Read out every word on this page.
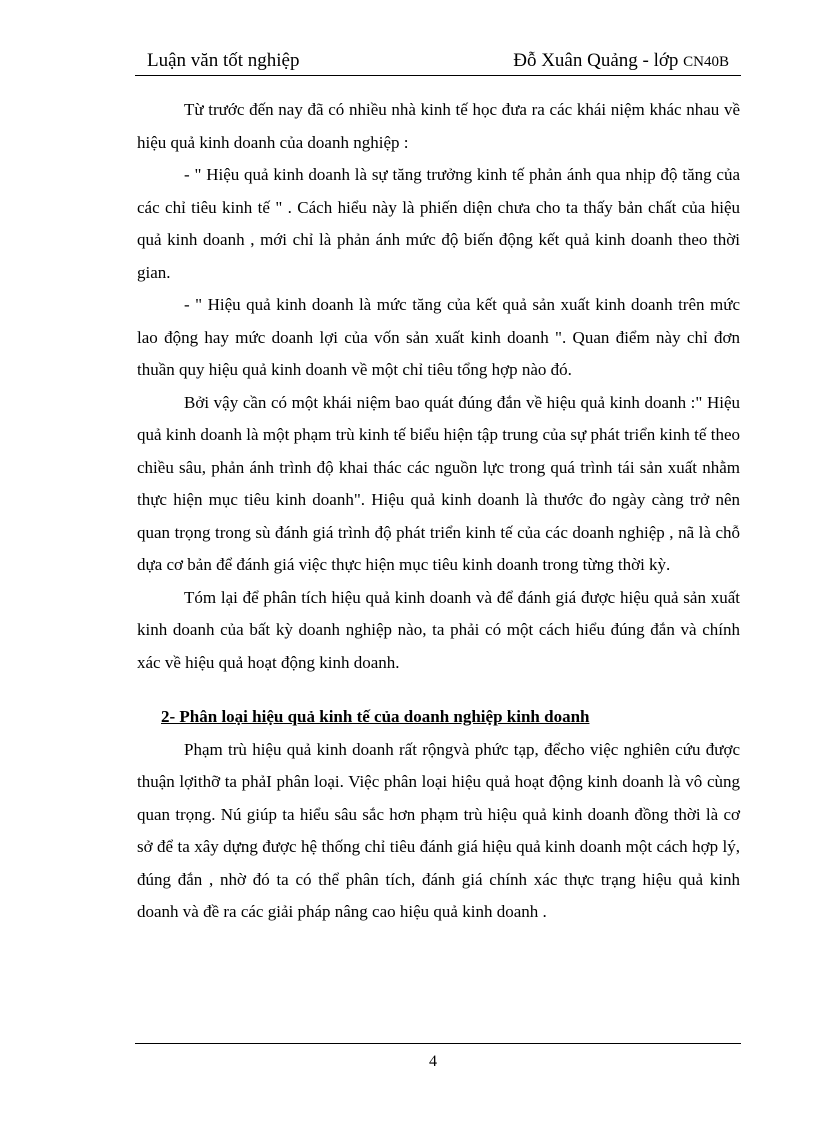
Luận văn tốt nghiệp	Đỗ Xuân Quảng - lớp CN40B

Từ trước đến nay đã có nhiều nhà kinh tế học đưa ra các khái niệm khác nhau về hiệu quả kinh doanh của doanh nghiệp :

- " Hiệu quả kinh doanh là sự tăng trưởng kinh tế phản ánh qua nhịp độ tăng của các chỉ tiêu kinh tế " . Cách hiểu này là phiến diện chưa cho ta thấy bản chất của hiệu quả kinh doanh , mới chỉ là phản ánh mức độ biến động kết quả kinh doanh theo thời gian.

- " Hiệu quả kinh doanh là mức tăng của kết quả sản xuất kinh doanh trên mức lao động hay mức doanh lợi của vốn sản xuất kinh doanh ". Quan điểm này chỉ đơn thuần quy hiệu quả kinh doanh về một chỉ tiêu tổng hợp nào đó.

Bởi vậy cần có một khái niệm bao quát đúng đắn về hiệu quả kinh doanh :" Hiệu quả kinh doanh là một phạm trù kinh tế biểu hiện tập trung của sự phát triển kinh tế theo chiều sâu, phản ánh trình độ khai thác các nguồn lực trong quá trình tái sản xuất nhằm thực hiện mục tiêu kinh doanh". Hiệu quả kinh doanh là thước đo ngày càng trở nên quan trọng trong sù đánh giá trình độ phát triển kinh tế của các doanh nghiệp , nã là chỗ dựa cơ bản để đánh giá việc thực hiện mục tiêu kinh doanh trong từng thời kỳ.

Tóm lại để phân tích hiệu quả kinh doanh và để đánh giá được hiệu quả sản xuất kinh doanh của bất kỳ doanh nghiệp nào, ta phải có một cách hiểu đúng đắn và chính xác về hiệu quả hoạt động kinh doanh.

2- Phân loại hiệu quả kinh tế của doanh nghiệp kinh doanh

Phạm trù hiệu quả kinh doanh rất rộngvà phức tạp, đểcho việc nghiên cứu được thuận lợithỡ ta phảI phân loại. Việc phân loại hiệu quả hoạt động kinh doanh là vô cùng quan trọng. Nú giúp ta hiểu sâu sắc hơn phạm trù hiệu quả kinh doanh đồng thời là cơ sở để ta xây dựng được hệ thống chỉ tiêu đánh giá hiệu quả kinh doanh một cách hợp lý, đúng đắn , nhờ đó ta có thể phân tích, đánh giá chính xác thực trạng hiệu quả kinh doanh và đề ra các giải pháp nâng cao hiệu quả kinh doanh .

4
